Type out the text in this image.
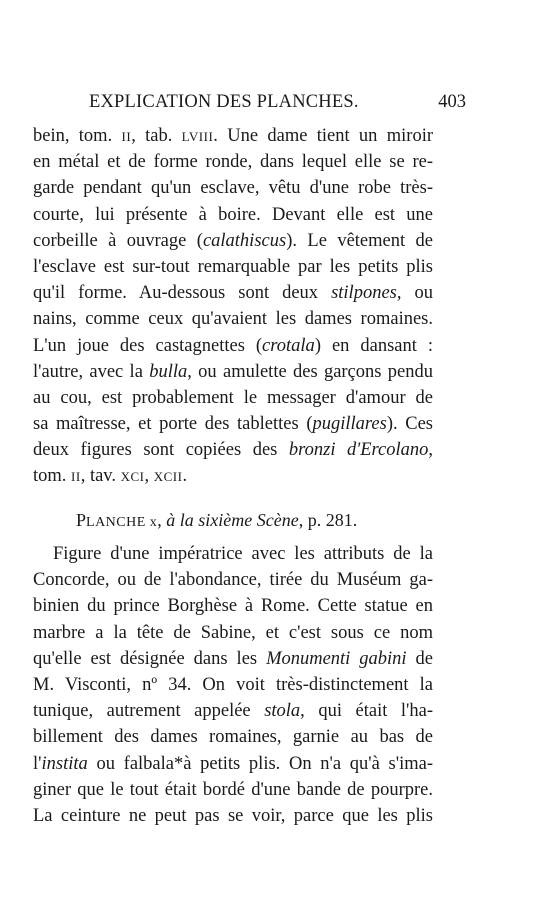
EXPLICATION DES PLANCHES.	403
bein, tom. II, tab. LVIII. Une dame tient un miroir
en métal et de forme ronde, dans lequel elle se re-
garde pendant qu'un esclave, vêtu d'une robe très-
courte, lui présente à boire. Devant elle est une
corbeille à ouvrage (calathiscus). Le vêtement de
l'esclave est sur-tout remarquable par les petits plis
qu'il forme. Au-dessous sont deux stilpones, ou
nains, comme ceux qu'avaient les dames romaines.
L'un joue des castagnettes (crotala) en dansant :
l'autre, avec la bulla, ou amulette des garçons pendu
au cou, est probablement le messager d'amour de
sa maîtresse, et porte des tablettes (pugillares). Ces
deux figures sont copiées des bronzi d'Ercolano,
tom. II, tav. XCI, XCII.
PLANCHE x, à la sixième Scène, p. 281.
Figure d'une impératrice avec les attributs de la
Concorde, ou de l'abondance, tirée du Muséum ga-
binien du prince Borghèse à Rome. Cette statue en
marbre a la tête de Sabine, et c'est sous ce nom
qu'elle est désignée dans les Monumenti gabini de
M. Visconti, nº 34. On voit très-distinctement la
tunique, autrement appelée stola, qui était l'ha-
billement des dames romaines, garnie au bas de
l'instita ou falbala*à petits plis. On n'a qu'à s'ima-
giner que le tout était bordé d'une bande de pourpre.
La ceinture ne peut pas se voir, parce que les plis
